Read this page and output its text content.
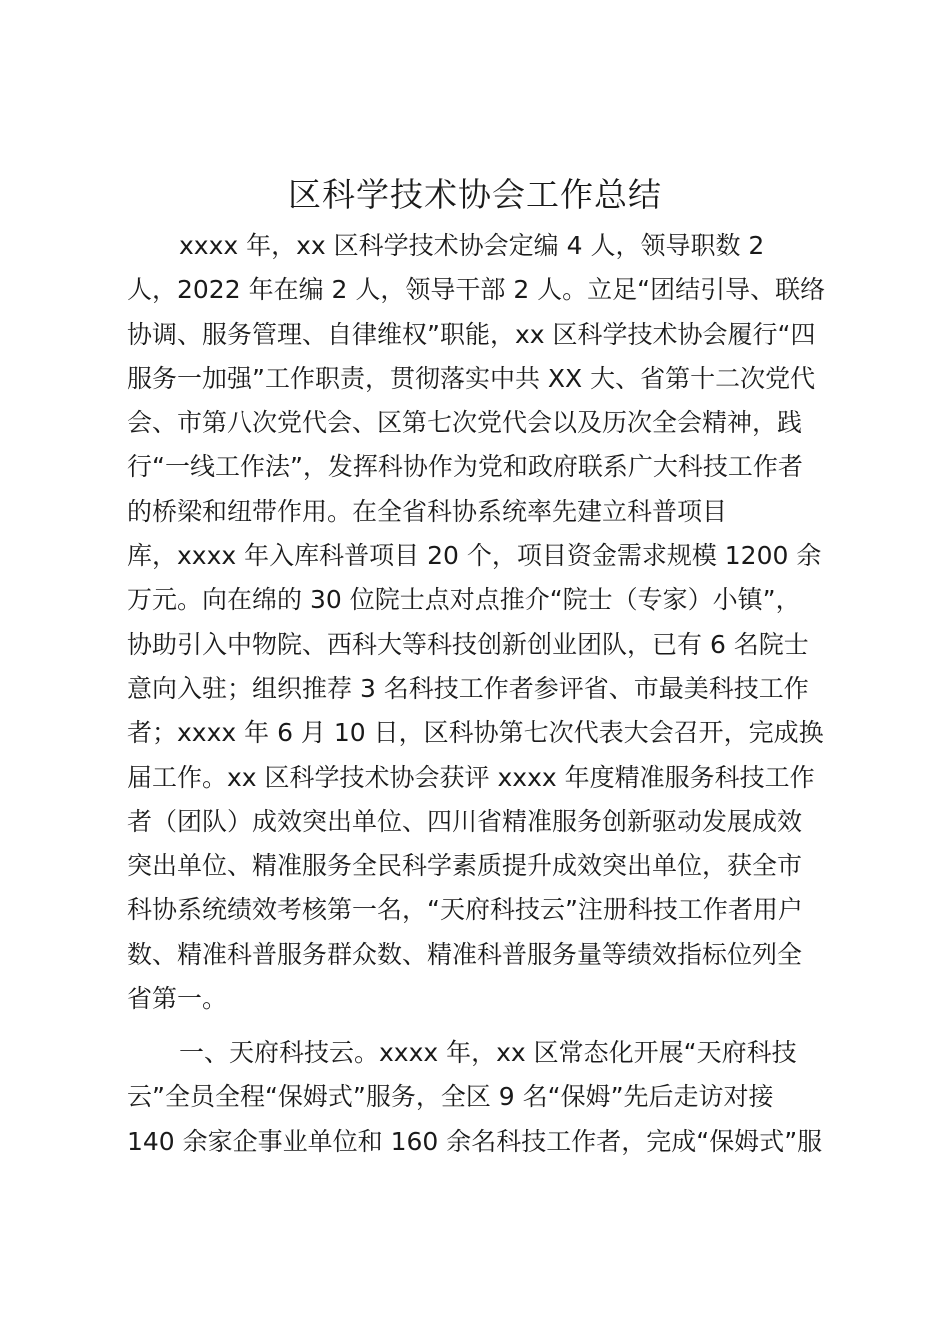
区科学技术协会工作总结
xxxx 年，xx 区科学技术协会定编 4 人，领导职数 2
人，2022 年在编 2 人，领导干部 2 人。立足“团结引导、联络
协调、服务管理、自律维权”职能，xx 区科学技术协会履行“四
服务一加强”工作职责，贯彻落实中共 XX 大、省第十二次党代
会、市第八次党代会、区第七次党代会以及历次全会精神，践
行“一线工作法”，发挥科协作为党和政府联系广大科技工作者
的桥梁和纽带作用。在全省科协系统率先建立科普项目
库，xxxx 年入库科普项目 20 个，项目资金需求规模 1200 余
万元。向在绵的 30 位院士点对点推介“院士（专家）小镇”，
协助引入中物院、西科大等科技创新创业团队，已有 6 名院士
意向入驻；组织推荐 3 名科技工作者参评省、市最美科技工作
者；xxxx 年 6 月 10 日，区科协第七次代表大会召开，完成换
届工作。xx 区科学技术协会获评 xxxx 年度精准服务科技工作
者（团队）成效突出单位、四川省精准服务创新驱动发展成效
突出单位、精准服务全民科学素质提升成效突出单位，获全市
科协系统绩效考核第一名，“天府科技云”注册科技工作者用户
数、精准科普服务群众数、精准科普服务量等绩效指标位列全
省第一。
一、天府科技云。xxxx 年，xx 区常态化开展“天府科技
云”全员全程“保姆式”服务，全区 9 名“保姆”先后走访对接
140 余家企事业单位和 160 余名科技工作者，完成“保姆式”服
